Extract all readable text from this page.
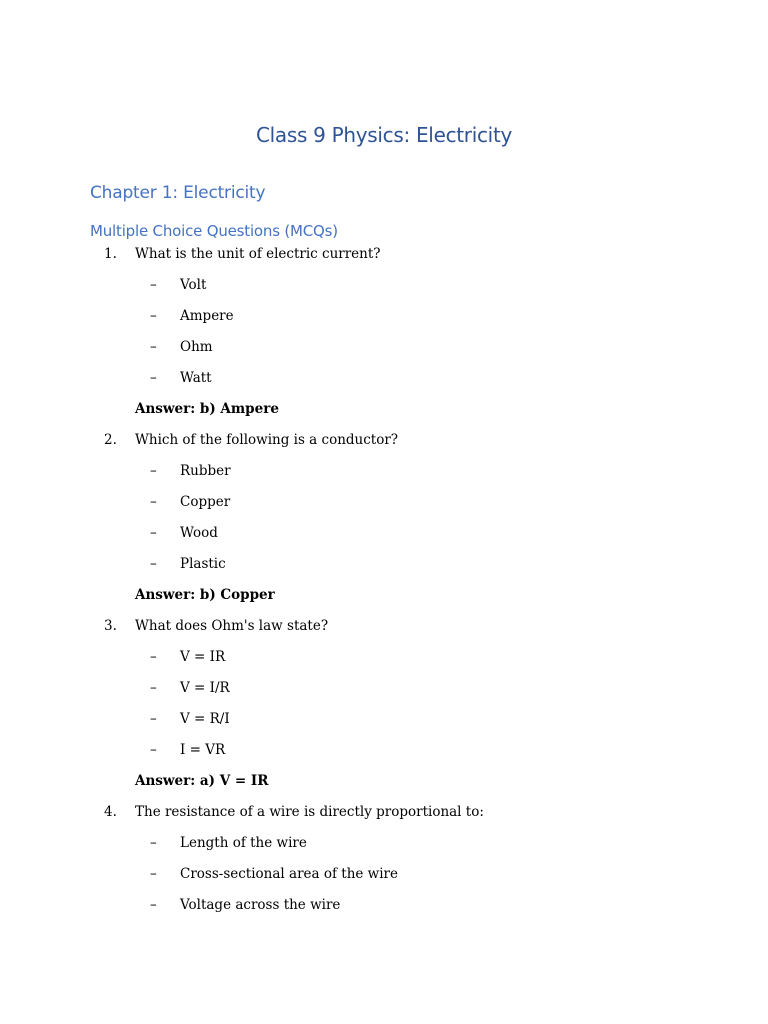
Class 9 Physics: Electricity
Chapter 1: Electricity
Multiple Choice Questions (MCQs)
1. What is the unit of electric current?
– Volt
– Ampere
– Ohm
– Watt
Answer: b) Ampere
2. Which of the following is a conductor?
– Rubber
– Copper
– Wood
– Plastic
Answer: b) Copper
3. What does Ohm's law state?
– V = IR
– V = I/R
– V = R/I
– I = VR
Answer: a) V = IR
4. The resistance of a wire is directly proportional to:
– Length of the wire
– Cross-sectional area of the wire
– Voltage across the wire
